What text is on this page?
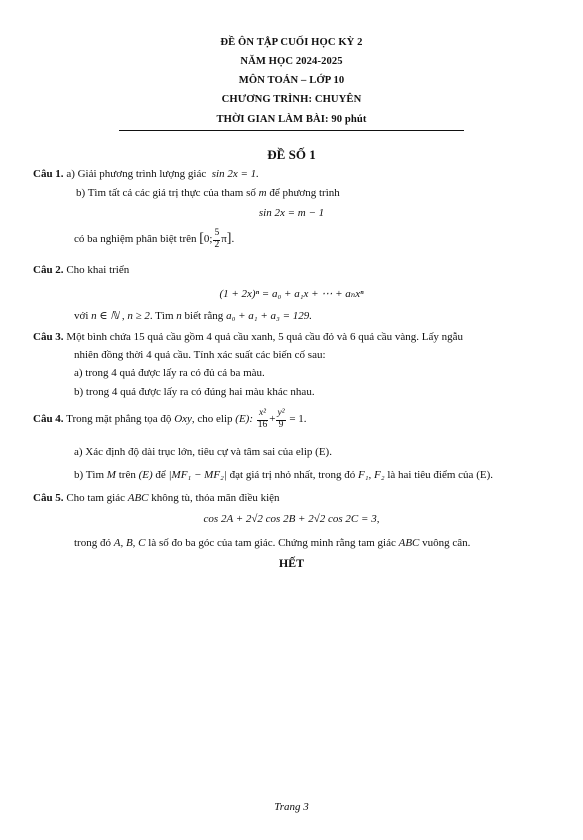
ĐỀ ÔN TẬP CUỐI HỌC KỲ 2
NĂM HỌC 2024-2025
MÔN TOÁN – LỚP 10
CHƯƠNG TRÌNH: CHUYÊN
THỜI GIAN LÀM BÀI: 90 phút
ĐỀ SỐ 1
Câu 1. a) Giải phương trình lượng giác sin 2x = 1.
b) Tìm tất cả các giá trị thực của tham số m để phương trình
sin 2x = m − 1
có ba nghiệm phân biệt trên [0; $\frac{5}{2} \pi$].
Câu 2. Cho khai triển
(1 + 2x)ⁿ = a₀ + a₁x + ⋯ + aₙxⁿ
với n ∈ ℕ , n ≥ 2. Tìm n biết rằng a₀ + a₁ + a₃ = 129.
Câu 3. Một bình chứa 15 quả cầu gồm 4 quả cầu xanh, 5 quả cầu đỏ và 6 quả cầu vàng. Lấy ngẫu
nhiên đồng thời 4 quả cầu. Tính xác suất các biến cố sau:
a) trong 4 quả được lấy ra có đủ cả ba màu.
b) trong 4 quả được lấy ra có đúng hai màu khác nhau.
Câu 4. Trong mặt phẳng tọa độ Oxy, cho elip (E): $\frac{\text{x²}}{16} + \frac{\text{y²}}{9} = 1$.
a) Xác định độ dài trục lớn, tiêu cự và tâm sai của elip (E).
b) Tìm M trên (E) để |MF₁ − MF₂| đạt giá trị nhỏ nhất, trong đó F₁, F₂ là hai tiêu điểm của (E).
Câu 5. Cho tam giác ABC không tù, thỏa mãn điều kiện
cos 2A + 2√2 cos 2B + 2√2 cos 2C = 3,
trong đó A, B, C là số đo ba góc của tam giác. Chứng minh rằng tam giác ABC vuông cân.
HẾT
Trang 3
